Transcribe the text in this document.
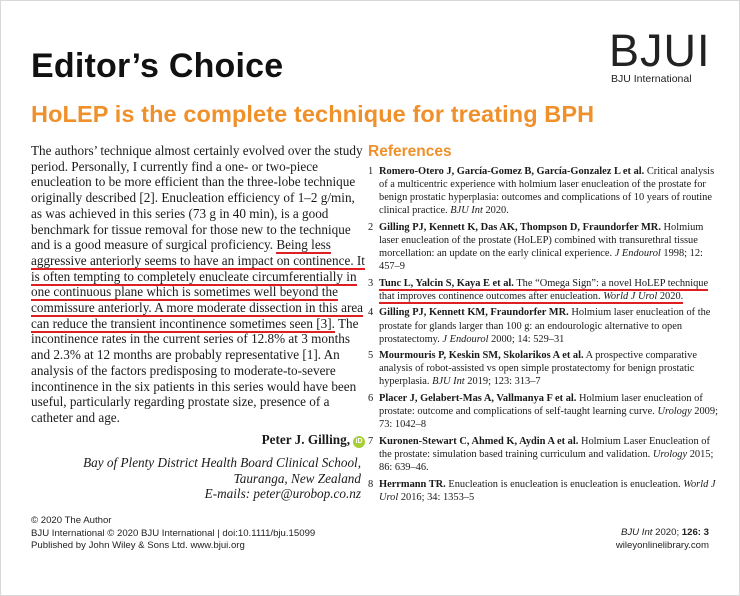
Editor’s Choice	BJUI
BJU International
HoLEP is the complete technique for treating BPH
The authors’ technique almost certainly evolved over the study period. Personally, I currently find a one- or two-piece enucleation to be more efficient than the three-lobe technique originally described [2]. Enucleation efficiency of 1–2 g/min, as was achieved in this series (73 g in 40 min), is a good benchmark for tissue removal for those new to the technique and is a good measure of surgical proficiency. Being less aggressive anteriorly seems to have an impact on continence. It is often tempting to completely enucleate circumferentially in one continuous plane which is sometimes well beyond the commissure anteriorly. A more moderate dissection in this area can reduce the transient incontinence sometimes seen [3]. The incontinence rates in the current series of 12.8% at 3 months and 2.3% at 12 months are probably representative [1]. An analysis of the factors predisposing to moderate-to-severe incontinence in the six patients in this series would have been useful, particularly regarding prostate size, presence of a catheter and age.
Peter J. Gilling, iD
Bay of Plenty District Health Board Clinical School, Tauranga, New Zealand
E-mails: peter@urobop.co.nz
References
1 Romero-Otero J, García-Gomez B, García-Gonzalez L et al. Critical analysis of a multicentric experience with holmium laser enucleation of the prostate for benign prostatic hyperplasia: outcomes and complications of 10 years of routine clinical practice. BJU Int 2020.
2 Gilling PJ, Kennett K, Das AK, Thompson D, Fraundorfer MR. Holmium laser enucleation of the prostate (HoLEP) combined with transurethral tissue morcellation: an update on the early clinical experience. J Endourol 1998; 12: 457–9
3 Tunc L, Yalcin S, Kaya E et al. The “Omega Sign”: a novel HoLEP technique that improves continence outcomes after enucleation. World J Urol 2020.
4 Gilling PJ, Kennett KM, Fraundorfer MR. Holmium laser enucleation of the prostate for glands larger than 100 g: an endourologic alternative to open prostatectomy. J Endourol 2000; 14: 529–31
5 Mourmouris P, Keskin SM, Skolarikos A et al. A prospective comparative analysis of robot-assisted vs open simple prostatectomy for benign prostatic hyperplasia. BJU Int 2019; 123: 313–7
6 Placer J, Gelabert-Mas A, Vallmanya F et al. Holmium laser enucleation of prostate: outcome and complications of self-taught learning curve. Urology 2009; 73: 1042–8
7 Kuronen-Stewart C, Ahmed K, Aydin A et al. Holmium Laser Enucleation of the prostate: simulation based training curriculum and validation. Urology 2015; 86: 639–46.
8 Herrmann TR. Enucleation is enucleation is enucleation is enucleation. World J Urol 2016; 34: 1353–5
© 2020 The Author
BJU International © 2020 BJU International | doi:10.1111/bju.15099
Published by John Wiley & Sons Ltd. www.bjui.org
BJU Int 2020; 126: 3
wileyonlinelibrary.com
